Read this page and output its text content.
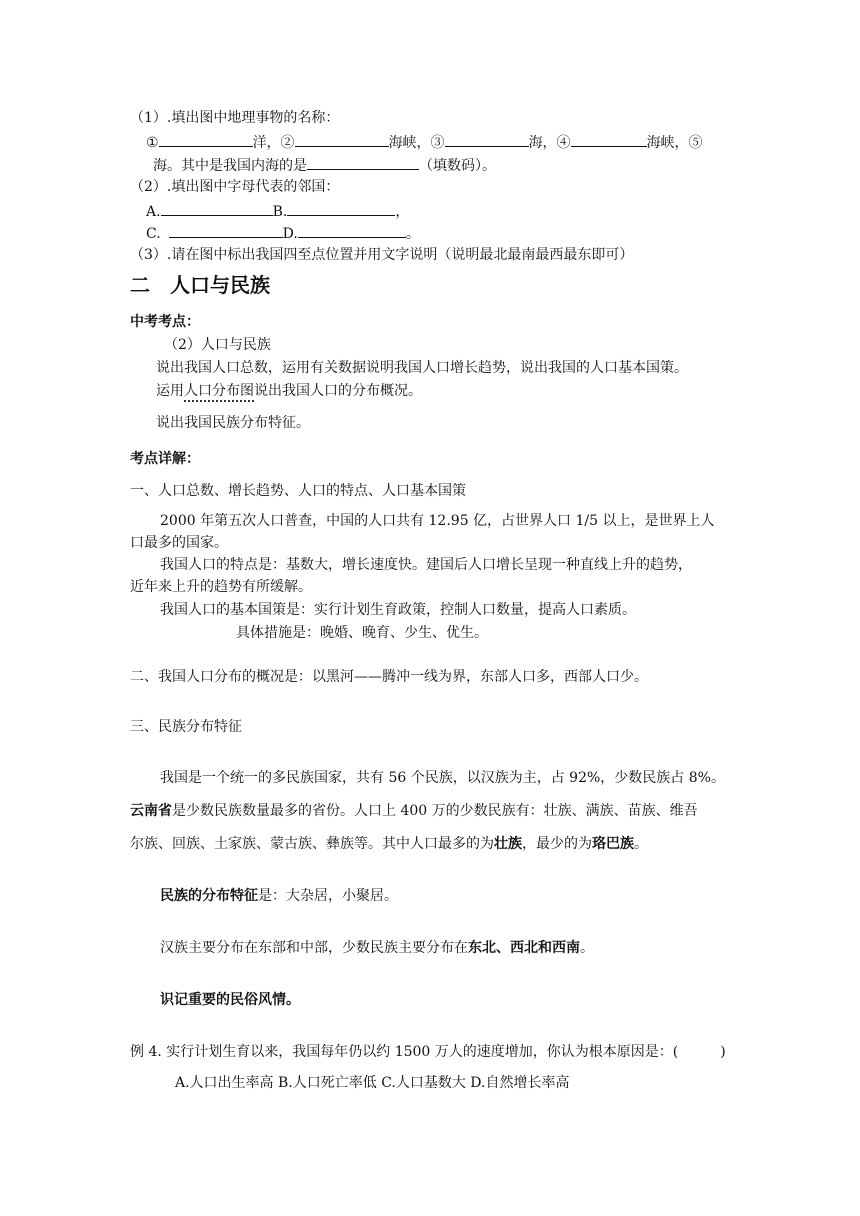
（1）.填出图中地理事物的名称：
①	洋，②	海峡，③	海，④	海峡，⑤
海。其中是我国内海的是	（填数码）。
（2）.填出图中字母代表的邻国：
A.	B.	，
C.	D.	。
（3）.请在图中标出我国四至点位置并用文字说明（说明最北最南最西最东即可）
二　人口与民族
中考考点：
（2）人口与民族
说出我国人口总数，运用有关数据说明我国人口增长趋势，说出我国的人口基本国策。
运用人口分布图说出我国人口的分布概况。
说出我国民族分布特征。
考点详解：
一、人口总数、增长趋势、人口的特点、人口基本国策
2000 年第五次人口普查，中国的人口共有 12.95 亿，占世界人口 1/5 以上，是世界上人
口最多的国家。
我国人口的特点是：基数大，增长速度快。建国后人口增长呈现一种直线上升的趋势，
近年来上升的趋势有所缓解。
我国人口的基本国策是：实行计划生育政策，控制人口数量，提高人口素质。
具体措施是：晚婚、晚育、少生、优生。
二、我国人口分布的概况是：以黑河——腾冲一线为界，东部人口多，西部人口少。
三、民族分布特征
我国是一个统一的多民族国家，共有 56 个民族，以汉族为主，占 92%，少数民族占 8%。
云南省是少数民族数量最多的省份。人口上 400 万的少数民族有：壮族、满族、苗族、维吾
尔族、回族、土家族、蒙古族、彝族等。其中人口最多的为壮族，最少的为珞巴族。
民族的分布特征是：大杂居，小聚居。
汉族主要分布在东部和中部，少数民族主要分布在东北、西北和西南。
识记重要的民俗风情。
例 4. 实行计划生育以来，我国每年仍以约 1500 万人的速度增加，你认为根本原因是：(　　　)
A.人口出生率高 B.人口死亡率低 C.人口基数大 D.自然增长率高
